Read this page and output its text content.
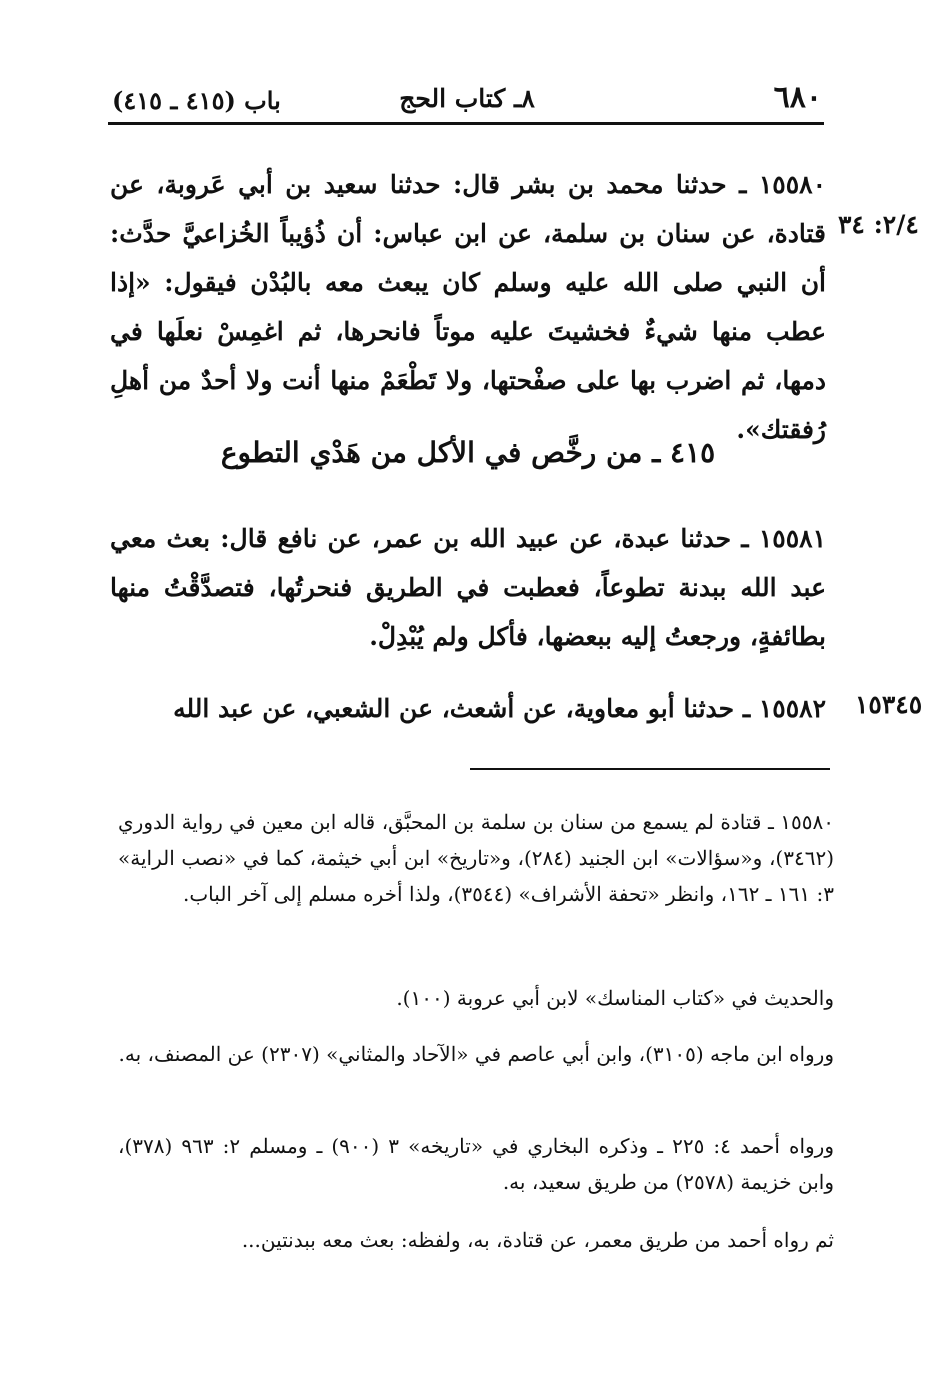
٦٨٠
٨ـ كتاب الحج
باب (٤١٥ ـ ٤١٥)

١٥٥٨٠ ـ حدثنا محمد بن بشر قال: حدثنا سعيد بن أبي عَروبة، عن قتادة، عن سنان بن سلمة، عن ابن عباس: أن ذُؤيباً الخُزاعيَّ حدَّث: أن النبي صلى الله عليه وسلم كان يبعث معه بالبُدْن فيقول: «إذا عطب منها شيءٌ فخشيتَ عليه موتاً فانحرها، ثم اغمِسْ نعلَها في دمها، ثم اضرب بها على صفْحتها، ولا تَطْعَمْ منها أنت ولا أحدٌ من أهلِ رُفقتك».

٢/٤: ٣٤
٤١٥ ـ من رخَّص في الأكل من هَدْي التطوع

١٥٥٨١ ـ حدثنا عبدة، عن عبيد الله بن عمر، عن نافع قال: بعث معي عبد الله ببدنة تطوعاً، فعطبت في الطريق فنحرتُها، فتصدَّقْتُ منها بطائفةٍ، ورجعتُ إليه ببعضها، فأكل ولم يُبْدِلْ.

١٥٥٨٢ ـ حدثنا أبو معاوية، عن أشعث، عن الشعبي، عن عبد الله ١٥٣٤٥

١٥٥٨٠ ـ قتادة لم يسمع من سنان بن سلمة بن المحبَّق، قاله ابن معين في رواية الدوري (٣٤٦٢)، و«سؤالات» ابن الجنيد (٢٨٤)، و«تاريخ» ابن أبي خيثمة، كما في «نصب الراية» ٣: ١٦١ ـ ١٦٢، وانظر «تحفة الأشراف» (٣٥٤٤)، ولذا أخره مسلم إلى آخر الباب.

والحديث في «كتاب المناسك» لابن أبي عروبة (١٠٠).

ورواه ابن ماجه (٣١٠٥)، وابن أبي عاصم في «الآحاد والمثاني» (٢٣٠٧) عن المصنف، به.

ورواه أحمد ٤: ٢٢٥ ـ وذكره البخاري في «تاريخه» ٣ (٩٠٠) ـ ومسلم ٢: ٩٦٣ (٣٧٨)، وابن خزيمة (٢٥٧٨) من طريق سعيد، به.

ثم رواه أحمد من طريق معمر، عن قتادة، به، ولفظه: بعث معه ببدنتين...
